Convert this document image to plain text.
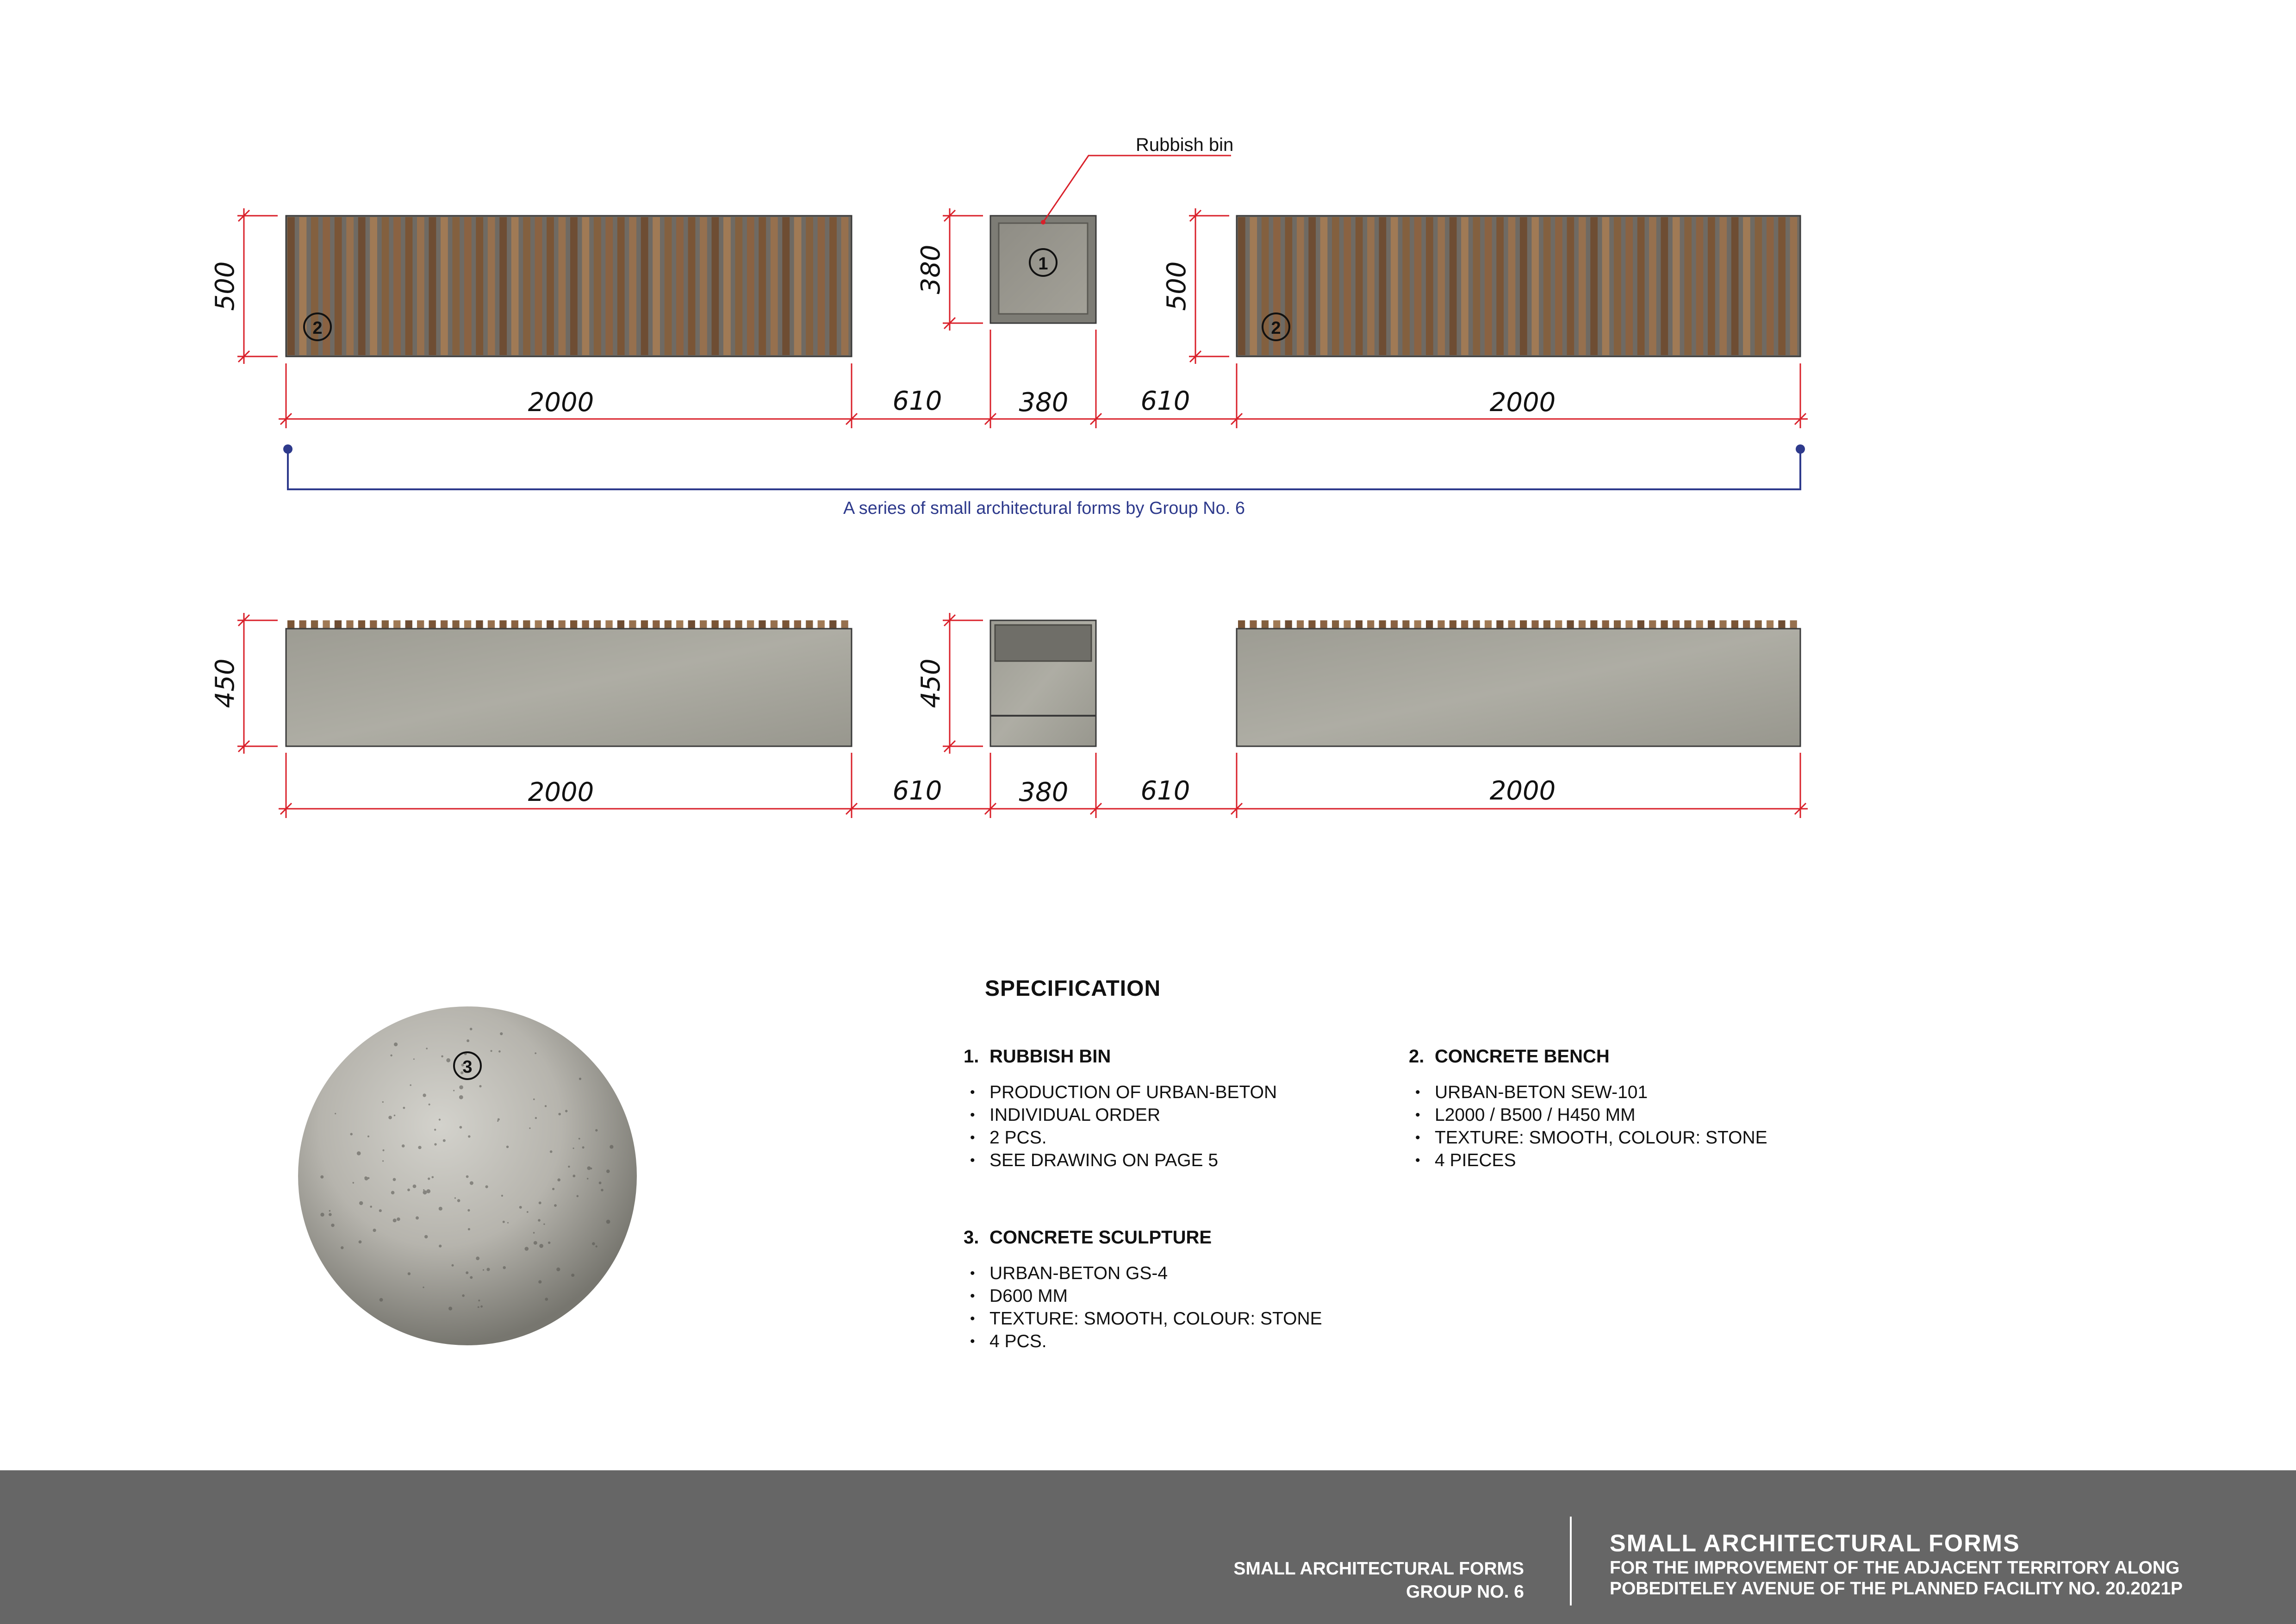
2
1
2
Rubbish bin
500	380	500
2000	610	380	610	2000
A series of small architectural forms by Group No. 6
450	450
2000	610	380	610	2000
3
SPECIFICATION
1. RUBBISH BIN
• PRODUCTION OF URBAN-BETON
• INDIVIDUAL ORDER
• 2 PCS.
• SEE DRAWING ON PAGE 5
2. CONCRETE BENCH
• URBAN-BETON SEW-101
• L2000 / B500 / H450 MM
• TEXTURE: SMOOTH, COLOUR: STONE
• 4 PIECES
3. CONCRETE SCULPTURE
• URBAN-BETON GS-4
• D600 MM
• TEXTURE: SMOOTH, COLOUR: STONE
• 4 PCS.
SMALL ARCHITECTURAL FORMS
GROUP NO. 6
SMALL ARCHITECTURAL FORMS
FOR THE IMPROVEMENT OF THE ADJACENT TERRITORY ALONG
POBEDITELEY AVENUE OF THE PLANNED FACILITY NO. 20.2021P
